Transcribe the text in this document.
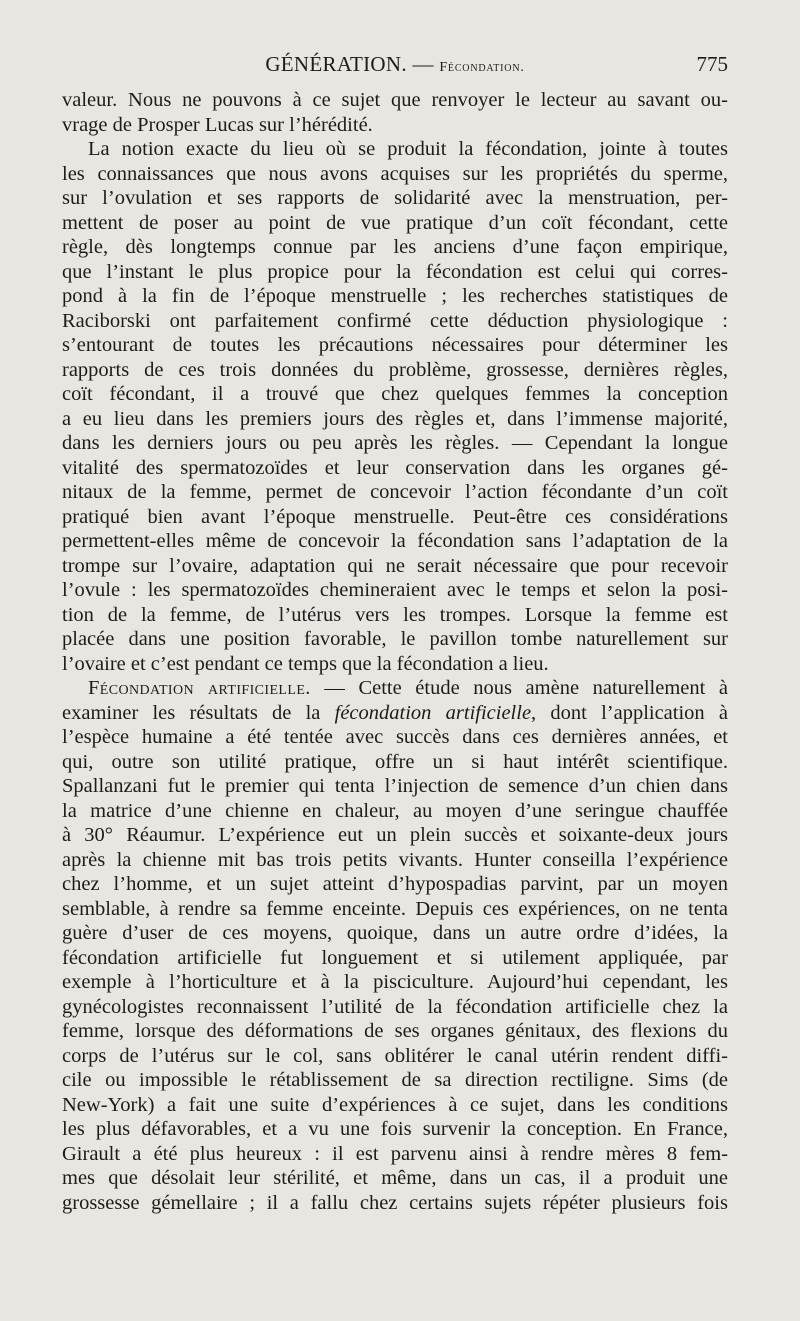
GÉNÉRATION. — Fécondation.	775
valeur. Nous ne pouvons à ce sujet que renvoyer le lecteur au savant ou-
vrage de Prosper Lucas sur l’hérédité.
La notion exacte du lieu où se produit la fécondation, jointe à toutes
les connaissances que nous avons acquises sur les propriétés du sperme,
sur l’ovulation et ses rapports de solidarité avec la menstruation, per-
mettent de poser au point de vue pratique d’un coït fécondant, cette
règle, dès longtemps connue par les anciens d’une façon empirique,
que l’instant le plus propice pour la fécondation est celui qui corres-
pond à la fin de l’époque menstruelle ; les recherches statistiques de
Raciborski ont parfaitement confirmé cette déduction physiologique :
s’entourant de toutes les précautions nécessaires pour déterminer les
rapports de ces trois données du problème, grossesse, dernières règles,
coït fécondant, il a trouvé que chez quelques femmes la conception
a eu lieu dans les premiers jours des règles et, dans l’immense majorité,
dans les derniers jours ou peu après les règles. — Cependant la longue
vitalité des spermatozoïdes et leur conservation dans les organes gé-
nitaux de la femme, permet de concevoir l’action fécondante d’un coït
pratiqué bien avant l’époque menstruelle. Peut-être ces considérations
permettent-elles même de concevoir la fécondation sans l’adaptation de la
trompe sur l’ovaire, adaptation qui ne serait nécessaire que pour recevoir
l’ovule : les spermatozoïdes chemineraient avec le temps et selon la posi-
tion de la femme, de l’utérus vers les trompes. Lorsque la femme est
placée dans une position favorable, le pavillon tombe naturellement sur
l’ovaire et c’est pendant ce temps que la fécondation a lieu.
Fécondation artificielle. — Cette étude nous amène naturellement à
examiner les résultats de la fécondation artificielle, dont l’application à
l’espèce humaine a été tentée avec succès dans ces dernières années, et
qui, outre son utilité pratique, offre un si haut intérêt scientifique.
Spallanzani fut le premier qui tenta l’injection de semence d’un chien dans
la matrice d’une chienne en chaleur, au moyen d’une seringue chauffée
à 30° Réaumur. L’expérience eut un plein succès et soixante-deux jours
après la chienne mit bas trois petits vivants. Hunter conseilla l’expérience
chez l’homme, et un sujet atteint d’hypospadias parvint, par un moyen
semblable, à rendre sa femme enceinte. Depuis ces expériences, on ne tenta
guère d’user de ces moyens, quoique, dans un autre ordre d’idées, la
fécondation artificielle fut longuement et si utilement appliquée, par
exemple à l’horticulture et à la pisciculture. Aujourd’hui cependant, les
gynécologistes reconnaissent l’utilité de la fécondation artificielle chez la
femme, lorsque des déformations de ses organes génitaux, des flexions du
corps de l’utérus sur le col, sans oblitérer le canal utérin rendent diffi-
cile ou impossible le rétablissement de sa direction rectiligne. Sims (de
New-York) a fait une suite d’expériences à ce sujet, dans les conditions
les plus défavorables, et a vu une fois survenir la conception. En France,
Girault a été plus heureux : il est parvenu ainsi à rendre mères 8 fem-
mes que désolait leur stérilité, et même, dans un cas, il a produit une
grossesse gémellaire ; il a fallu chez certains sujets répéter plusieurs fois
